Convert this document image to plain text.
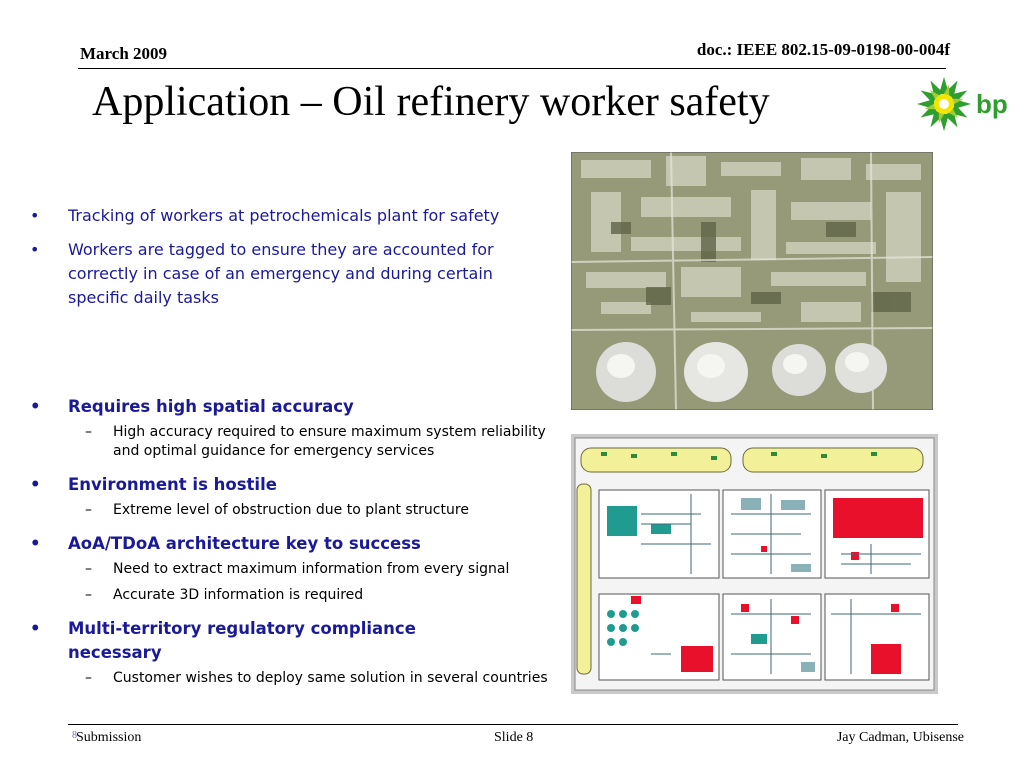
March 2009	doc.: IEEE 802.15-09-0198-00-004f
Application – Oil refinery worker safety	bp
• Tracking of workers at petrochemicals plant for safety
• Workers are tagged to ensure they are accounted for correctly in case of an emergency and during certain specific daily tasks
• Requires high spatial accuracy
– High accuracy required to ensure maximum system reliability and optimal guidance for emergency services
• Environment is hostile
– Extreme level of obstruction due to plant structure
• AoA/TDoA architecture key to success
– Need to extract maximum information from every signal
– Accurate 3D information is required
• Multi-territory regulatory compliance necessary
– Customer wishes to deploy same solution in several countries
8 Submission	Slide 8	Jay Cadman, Ubisense
